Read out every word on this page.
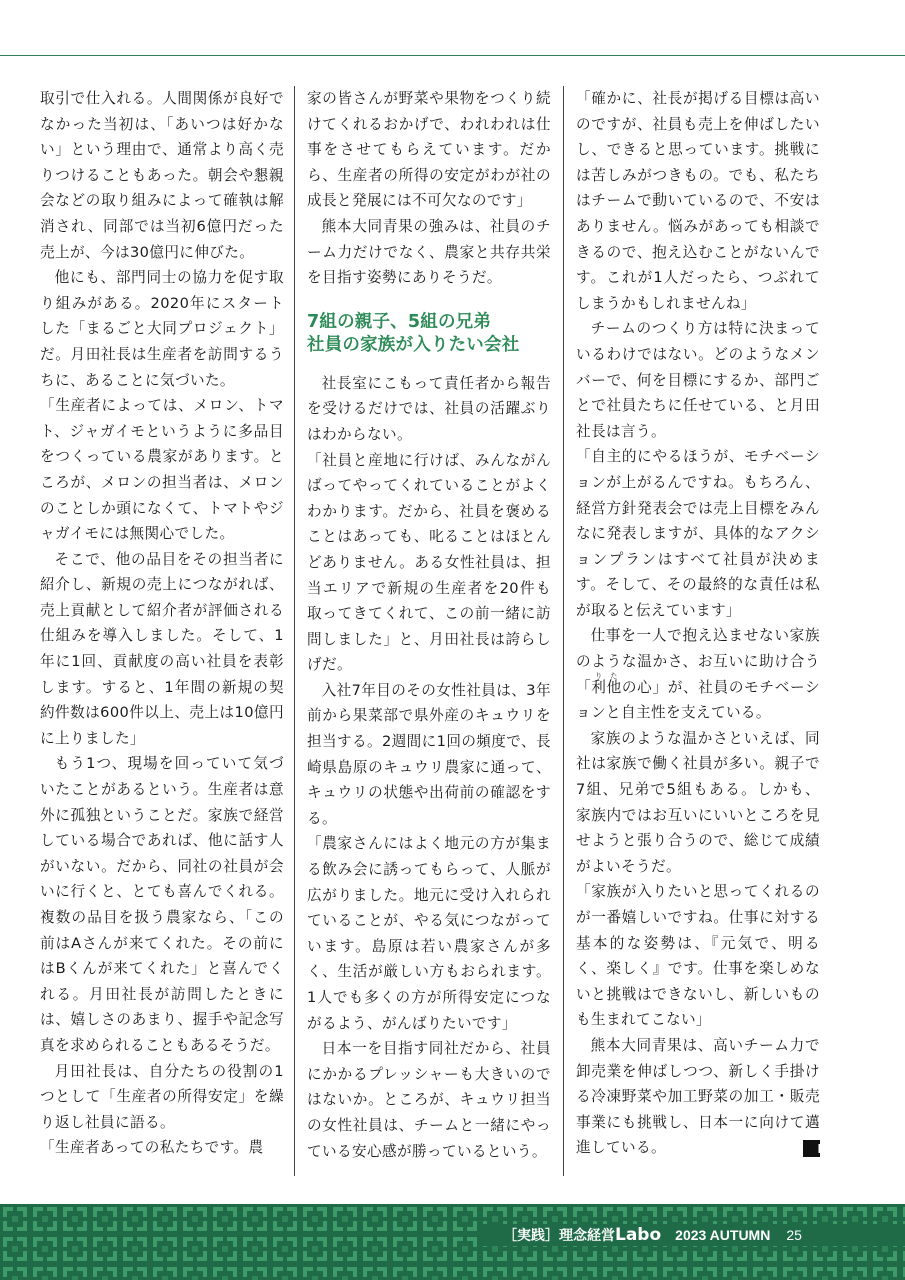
取引で仕入れる。人間関係が良好でなかった当初は、「あいつは好かない」という理由で、通常より高く売りつけることもあった。朝会や懇親会などの取り組みによって確執は解消され、同部では当初6億円だった売上が、今は30億円に伸びた。

他にも、部門同士の協力を促す取り組みがある。2020年にスタートした「まるごと大同プロジェクト」だ。月田社長は生産者を訪問するうちに、あることに気づいた。

「生産者によっては、メロン、トマト、ジャガイモというように多品目をつくっている農家があります。ところが、メロンの担当者は、メロンのことしか頭になくて、トマトやジャガイモには無関心でした。

そこで、他の品目をその担当者に紹介し、新規の売上につながれば、売上貢献として紹介者が評価される仕組みを導入しました。そして、1年に1回、貢献度の高い社員を表彰します。すると、1年間の新規の契約件数は600件以上、売上は10億円に上りました」

もう1つ、現場を回っていて気づいたことがあるという。生産者は意外に孤独ということだ。家族で経営している場合であれば、他に話す人がいない。だから、同社の社員が会いに行くと、とても喜んでくれる。複数の品目を扱う農家なら、「この前はAさんが来てくれた。その前にはBくんが来てくれた」と喜んでくれる。月田社長が訪問したときには、嬉しさのあまり、握手や記念写真を求められることもあるそうだ。

月田社長は、自分たちの役割の1つとして「生産者の所得安定」を繰り返し社員に語る。

「生産者あっての私たちです。農

家の皆さんが野菜や果物をつくり続けてくれるおかげで、われわれは仕事をさせてもらえています。だから、生産者の所得の安定がわが社の成長と発展には不可欠なのです」

熊本大同青果の強みは、社員のチーム力だけでなく、農家と共存共栄を目指す姿勢にありそうだ。

7組の親子、5組の兄弟
社員の家族が入りたい会社

社長室にこもって責任者から報告を受けるだけでは、社員の活躍ぶりはわからない。

「社員と産地に行けば、みんながんばってやってくれていることがよくわかります。だから、社員を褒めることはあっても、叱ることはほとんどありません。ある女性社員は、担当エリアで新規の生産者を20件も取ってきてくれて、この前一緒に訪問しました」と、月田社長は誇らしげだ。

入社7年目のその女性社員は、3年前から果菜部で県外産のキュウリを担当する。2週間に1回の頻度で、長崎県島原のキュウリ農家に通って、キュウリの状態や出荷前の確認をする。

「農家さんにはよく地元の方が集まる飲み会に誘ってもらって、人脈が広がりました。地元に受け入れられていることが、やる気につながっています。島原は若い農家さんが多く、生活が厳しい方もおられます。1人でも多くの方が所得安定につながるよう、がんばりたいです」

日本一を目指す同社だから、社員にかかるプレッシャーも大きいのではないか。ところが、キュウリ担当の女性社員は、チームと一緒にやっている安心感が勝っているという。

「確かに、社長が掲げる目標は高いのですが、社員も売上を伸ばしたいし、できると思っています。挑戦には苦しみがつきもの。でも、私たちはチームで動いているので、不安はありません。悩みがあっても相談できるので、抱え込むことがないんです。これが1人だったら、つぶれてしまうかもしれませんね」

チームのつくり方は特に決まっているわけではない。どのようなメンバーで、何を目標にするか、部門ごとで社員たちに任せている、と月田社長は言う。

「自主的にやるほうが、モチベーションが上がるんですね。もちろん、経営方針発表会では売上目標をみんなに発表しますが、具体的なアクションプランはすべて社員が決めます。そして、その最終的な責任は私が取ると伝えています」

仕事を一人で抱え込ませない家族のような温かさ、お互いに助け合う「利他りたの心」が、社員のモチベーションと自主性を支えている。

家族のような温かさといえば、同社は家族で働く社員が多い。親子で7組、兄弟で5組もある。しかも、家族内ではお互いにいいところを見せようと張り合うので、総じて成績がよいそうだ。

「家族が入りたいと思ってくれるのが一番嬉しいですね。仕事に対する基本的な姿勢は、『元気で、明るく、楽しく』です。仕事を楽しめないと挑戦はできないし、新しいものも生まれてこない」

熊本大同青果は、高いチーム力で卸売業を伸ばしつつ、新しく手掛ける冷凍野菜や加工野菜の加工・販売事業にも挑戦し、日本一に向けて邁進している。	L

［実践］理念経営Labo 2023 AUTUMN 25
